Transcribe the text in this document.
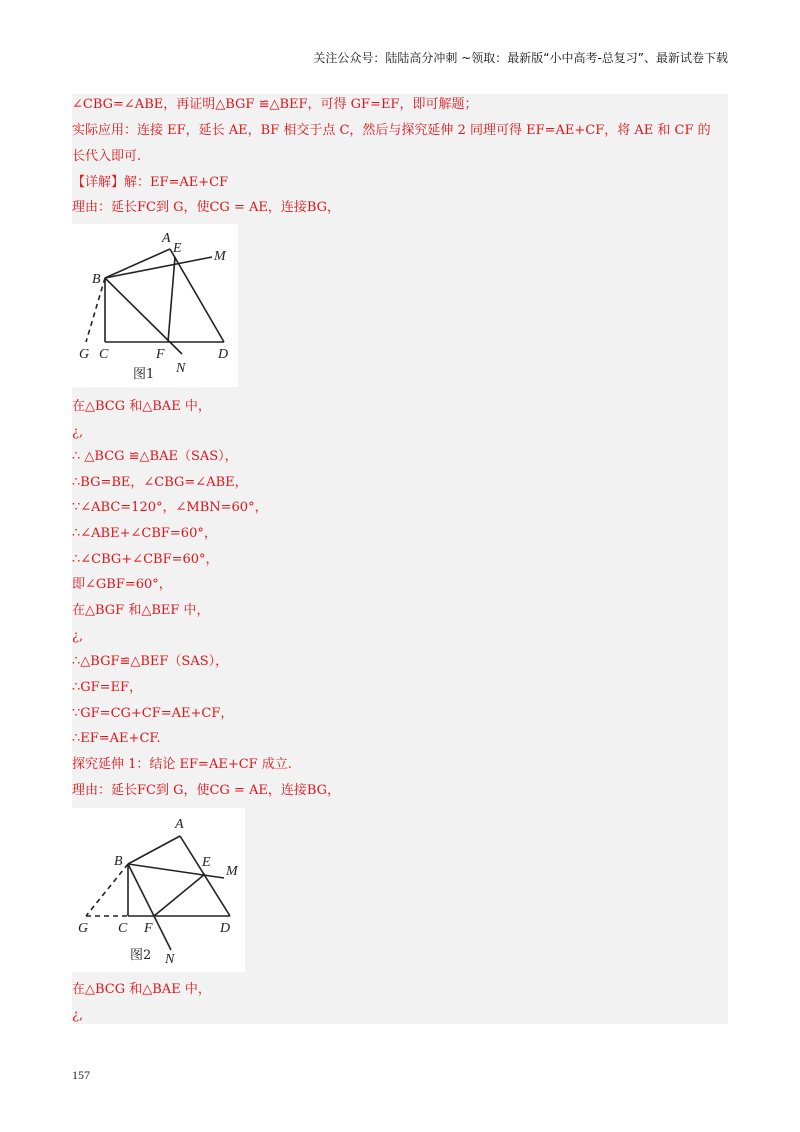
关注公众号：陆陆高分冲刺 ~领取：最新版“小中高考-总复习”、最新试卷下载
∠CBG=∠ABE，再证明△BGF ≌△BEF，可得 GF=EF，即可解题；
实际应用：连接 EF，延长 AE，BF 相交于点 C，然后与探究延伸 2 同理可得 EF=AE+CF，将 AE 和 CF 的
长代入即可.
【详解】解：EF=AE+CF
理由：延长FC到 G，使CG = AE，连接BG，
A
E
M
B
G C	F	D
N
图1
在△BCG 和△BAE 中，
¿,
∴ △BCG ≌△BAE（SAS），
∴BG=BE，∠CBG=∠ABE，
∵∠ABC=120°，∠MBN=60°，
∴∠ABE+∠CBF=60°，
∴∠CBG+∠CBF=60°，
即∠GBF=60°，
在△BGF 和△BEF 中，
¿,
∴△BGF≌△BEF（SAS），
∴GF=EF，
∵GF=CG+CF=AE+CF，
∴EF=AE+CF.
探究延伸 1：结论 EF=AE+CF 成立.
理由：延长FC到 G，使CG = AE，连接BG，
A
E
M
B
G C F	D
N
图2
在△BCG 和△BAE 中，
¿,
157
